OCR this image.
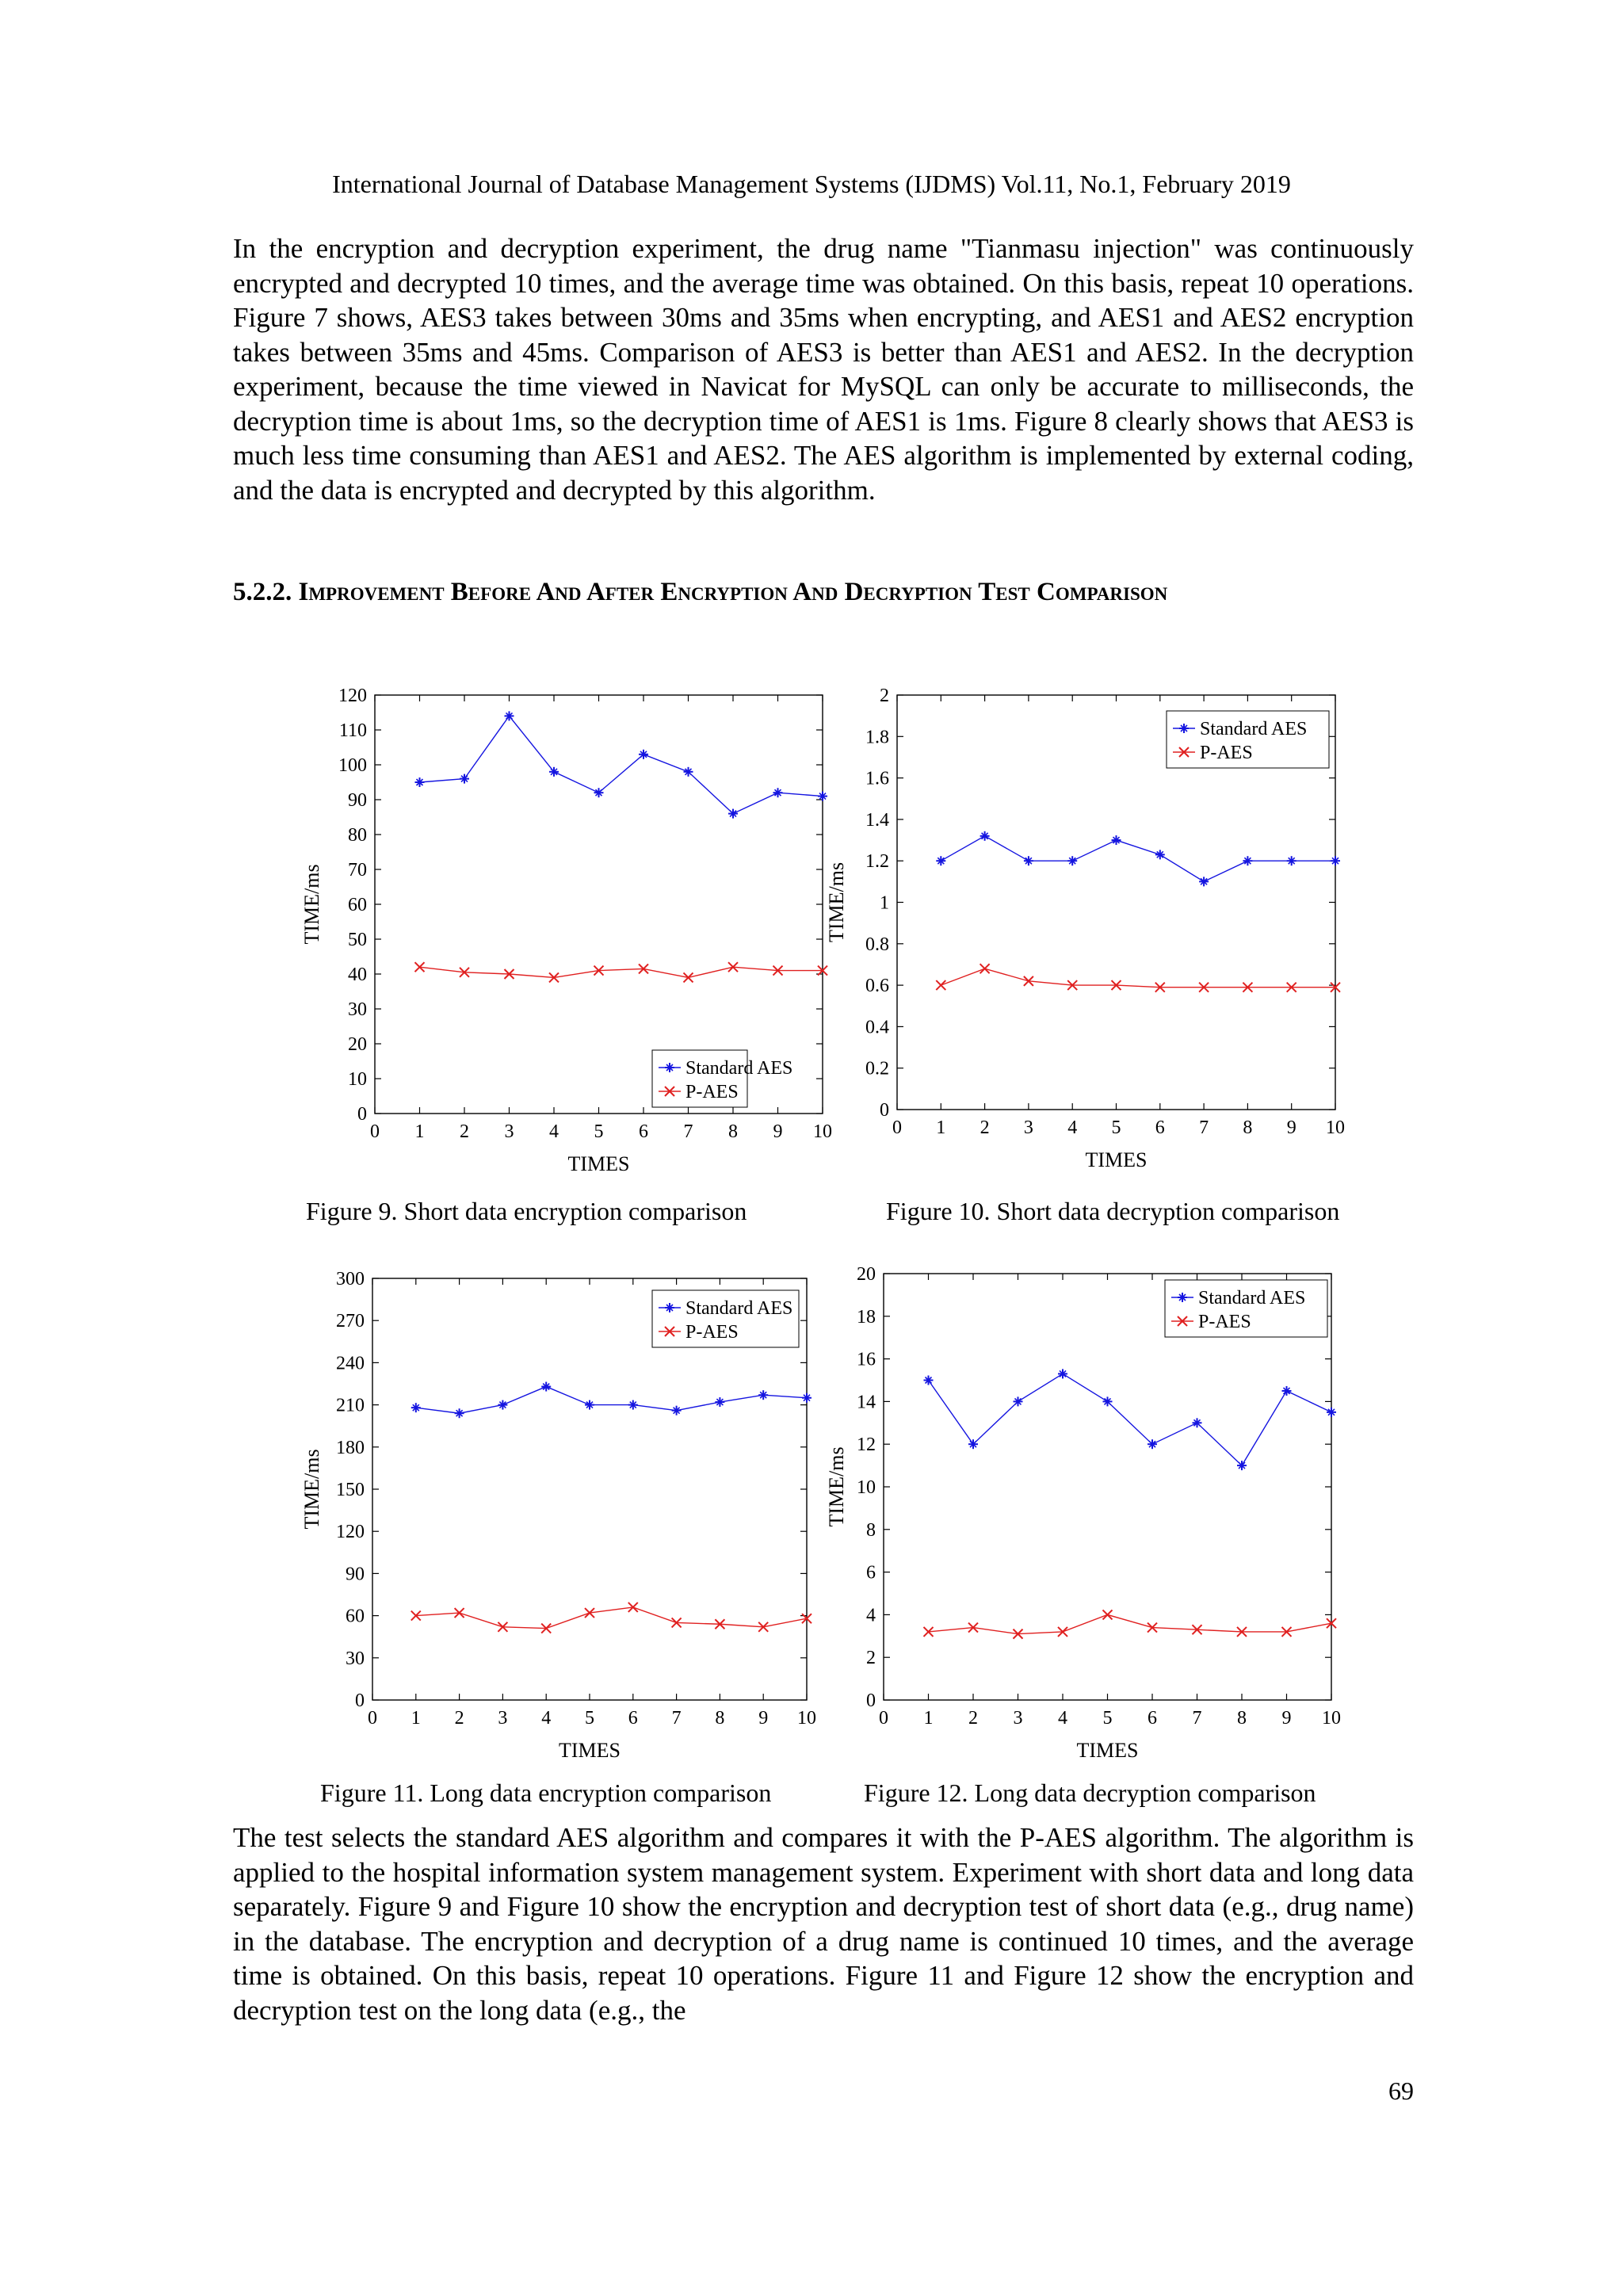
International Journal of Database Management Systems (IJDMS) Vol.11, No.1, February 2019

In the encryption and decryption experiment, the drug name "Tianmasu injection" was continuously encrypted and decrypted 10 times, and the average time was obtained. On this basis, repeat 10 operations. Figure 7 shows, AES3 takes between 30ms and 35ms when encrypting, and AES1 and AES2 encryption takes between 35ms and 45ms. Comparison of AES3 is better than AES1 and AES2. In the decryption experiment, because the time viewed in Navicat for MySQL can only be accurate to milliseconds, the decryption time is about 1ms, so the decryption time of AES1 is 1ms. Figure 8 clearly shows that AES3 is much less time consuming than AES1 and AES2. The AES algorithm is implemented by external coding, and the data is encrypted and decrypted by this algorithm.

5.2.2. Improvement Before And After Encryption And Decryption Test Comparison

0 1 2 3 4 5 6 7 8 9 10
0
10
20
30
40
50
60
70
80
90
100
110
120
TIMES
TIME/ms
Standard AES
P-AES
Figure 9. Short data encryption comparison
0 1 2 3 4 5 6 7 8 9 10
0
0.2
0.4
0.6
0.8
1
1.2
1.4
1.6
1.8
2
TIMES
TIME/ms
Standard AES
P-AES
Figure 10. Short data decryption comparison
0 1 2 3 4 5 6 7 8 9 10
0
30
60
90
120
150
180
210
240
270
300
TIMES
TIME/ms
Standard AES
P-AES
Figure 11. Long data encryption comparison
0 1 2 3 4 5 6 7 8 9 10
0
2
4
6
8
10
12
14
16
18
20
TIMES
TIME/ms
Standard AES
P-AES
Figure 12. Long data decryption comparison

The test selects the standard AES algorithm and compares it with the P-AES algorithm. The algorithm is applied to the hospital information system management system. Experiment with short data and long data separately. Figure 9 and Figure 10 show the encryption and decryption test of short data (e.g., drug name) in the database. The encryption and decryption of a drug name is continued 10 times, and the average time is obtained. On this basis, repeat 10 operations. Figure 11 and Figure 12 show the encryption and decryption test on the long data (e.g., the

69
